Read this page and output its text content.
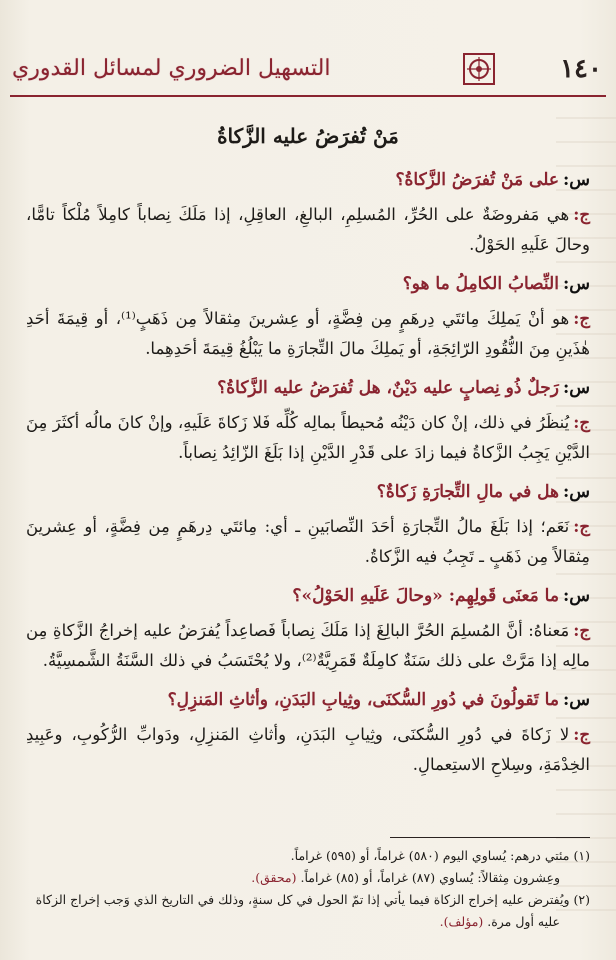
التسهيل الضروري لمسائل القدوري	١٤٠
مَنْ تُفرَضُ عليه الزَّكاةُ
س:على مَنْ تُفرَضُ الزَّكاةُ؟
ج:هي مَفروضَةٌ على الحُرِّ، المُسلِمِ، البالغِ، العاقِلِ، إذا مَلَكَ نِصاباً كامِلاً مُلْكاً تامًّا، وحالَ عَلَيهِ الحَوْلُ.
س:النِّصابُ الكامِلُ ما هو؟
ج:هو أنْ يَملِكَ مِائتَي دِرهَمٍ مِن فِضَّةٍ، أو عِشرينَ مِثقالاً مِن ذَهَبٍ⁽¹⁾، أو قِيمَةَ أحَدِ هٰذَينِ مِنَ النُّقُودِ الرّائِجَةِ، أو يَملِكَ مالَ التِّجارَةِ ما يَبْلُغُ قِيمَةَ أحَدِهِما.
س:رَجلٌ ذُو نِصابٍ عليه دَيْنٌ، هل تُفرَضُ عليه الزَّكاةُ؟
ج:يُنظَرُ في ذلك، إنْ كان دَيْنُه مُحيطاً بمالِه كُلِّه فَلا زَكاةَ عَلَيهِ، وإنْ كانَ مالُه أكثَرَ مِنَ الدَّيْنِ يَجِبُ الزَّكاةُ فيما زادَ على قَدْرِ الدَّيْنِ إذا بَلَغَ الزّائِدُ نِصاباً.
س:هل في مالِ التِّجارَةِ زَكاةٌ؟
ج:نَعَم؛ إذا بَلَغَ مالُ التِّجارَةِ أحَدَ النِّصابَينِ ـ أي: مِائتَي دِرهَمٍ مِن فِضَّةٍ، أو عِشرينَ مِثقالاً مِن ذَهَبٍ ـ تَجِبُ فيه الزَّكاةُ.
س:ما مَعنَى قَولِهِم: «وحالَ عَلَيهِ الحَوْلُ»؟
ج:مَعناهُ: أنَّ المُسلِمَ الحُرَّ البالِغَ إذا مَلَكَ نِصاباً فَصاعِداً يُفرَضُ عليه إخراجُ الزَّكاةِ مِن مالِه إذا مَرَّتْ على ذلك سَنَةٌ كامِلَةٌ قَمَرِيَّةٌ⁽²⁾، ولا يُحْتَسَبُ في ذلك السَّنَةُ الشَّمسِيَّةُ.
س:ما تَقولُونَ في دُورِ السُّكنَى، وثِيابِ البَدَنِ، وأثاثِ المَنزِلِ؟
ج:لا زَكاةَ في دُورِ السُّكنَى، وثِيابِ البَدَنِ، وأثاثِ المَنزِلِ، ودَوابِّ الرُّكُوبِ، وعَبِيدِ الخِدْمَةِ، وسِلاحِ الاستِعمالِ.
(١) مئتي درهم: يُساوي اليوم (٥٨٠) غراماً، أو (٥٩٥) غراماً.
وعِشرون مِثقالاً: يُساوي (٨٧) غراماً، أو (٨٥) غراماً. (محقق).
(٢) ويُفترض عليه إخراج الزكاة فيما يأتي إذا تمّ الحول في كل سنةٍ، وذلك في التاريخ الذي وَجب إخراج الزكاة
عليه أول مرة. (مؤلف).
